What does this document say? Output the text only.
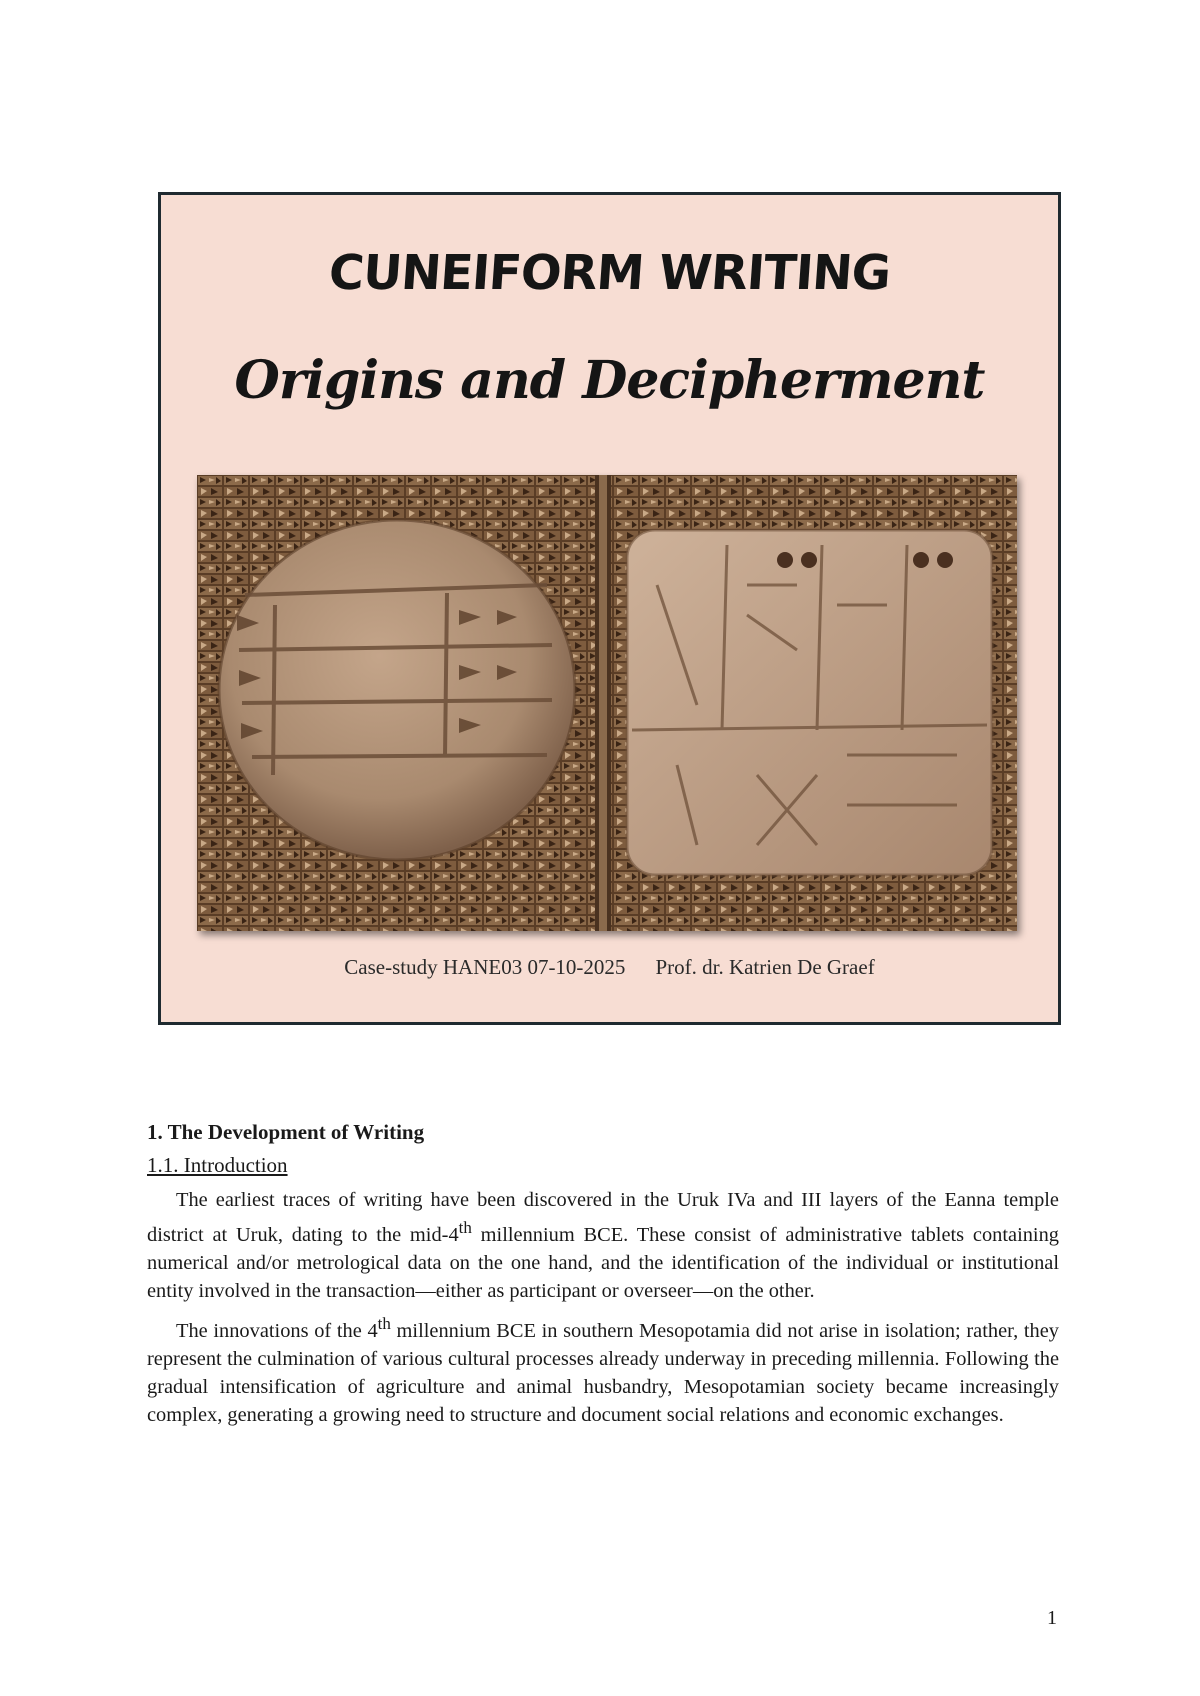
CUNEIFORM WRITING
Origins and Decipherment
Case-study HANE03 07-10-2025 Prof. dr. Katrien De Graef
1. The Development of Writing
1.1. Introduction

The earliest traces of writing have been discovered in the Uruk IVa and III layers of the Eanna temple district at Uruk, dating to the mid-4th millennium BCE. These consist of administrative tablets containing numerical and/or metrological data on the one hand, and the identification of the individual or institutional entity involved in the transaction—either as participant or overseer—on the other.

The innovations of the 4th millennium BCE in southern Mesopotamia did not arise in isolation; rather, they represent the culmination of various cultural processes already underway in preceding millennia. Following the gradual intensification of agriculture and animal husbandry, Mesopotamian society became increasingly complex, generating a growing need to structure and document social relations and economic exchanges.

1
